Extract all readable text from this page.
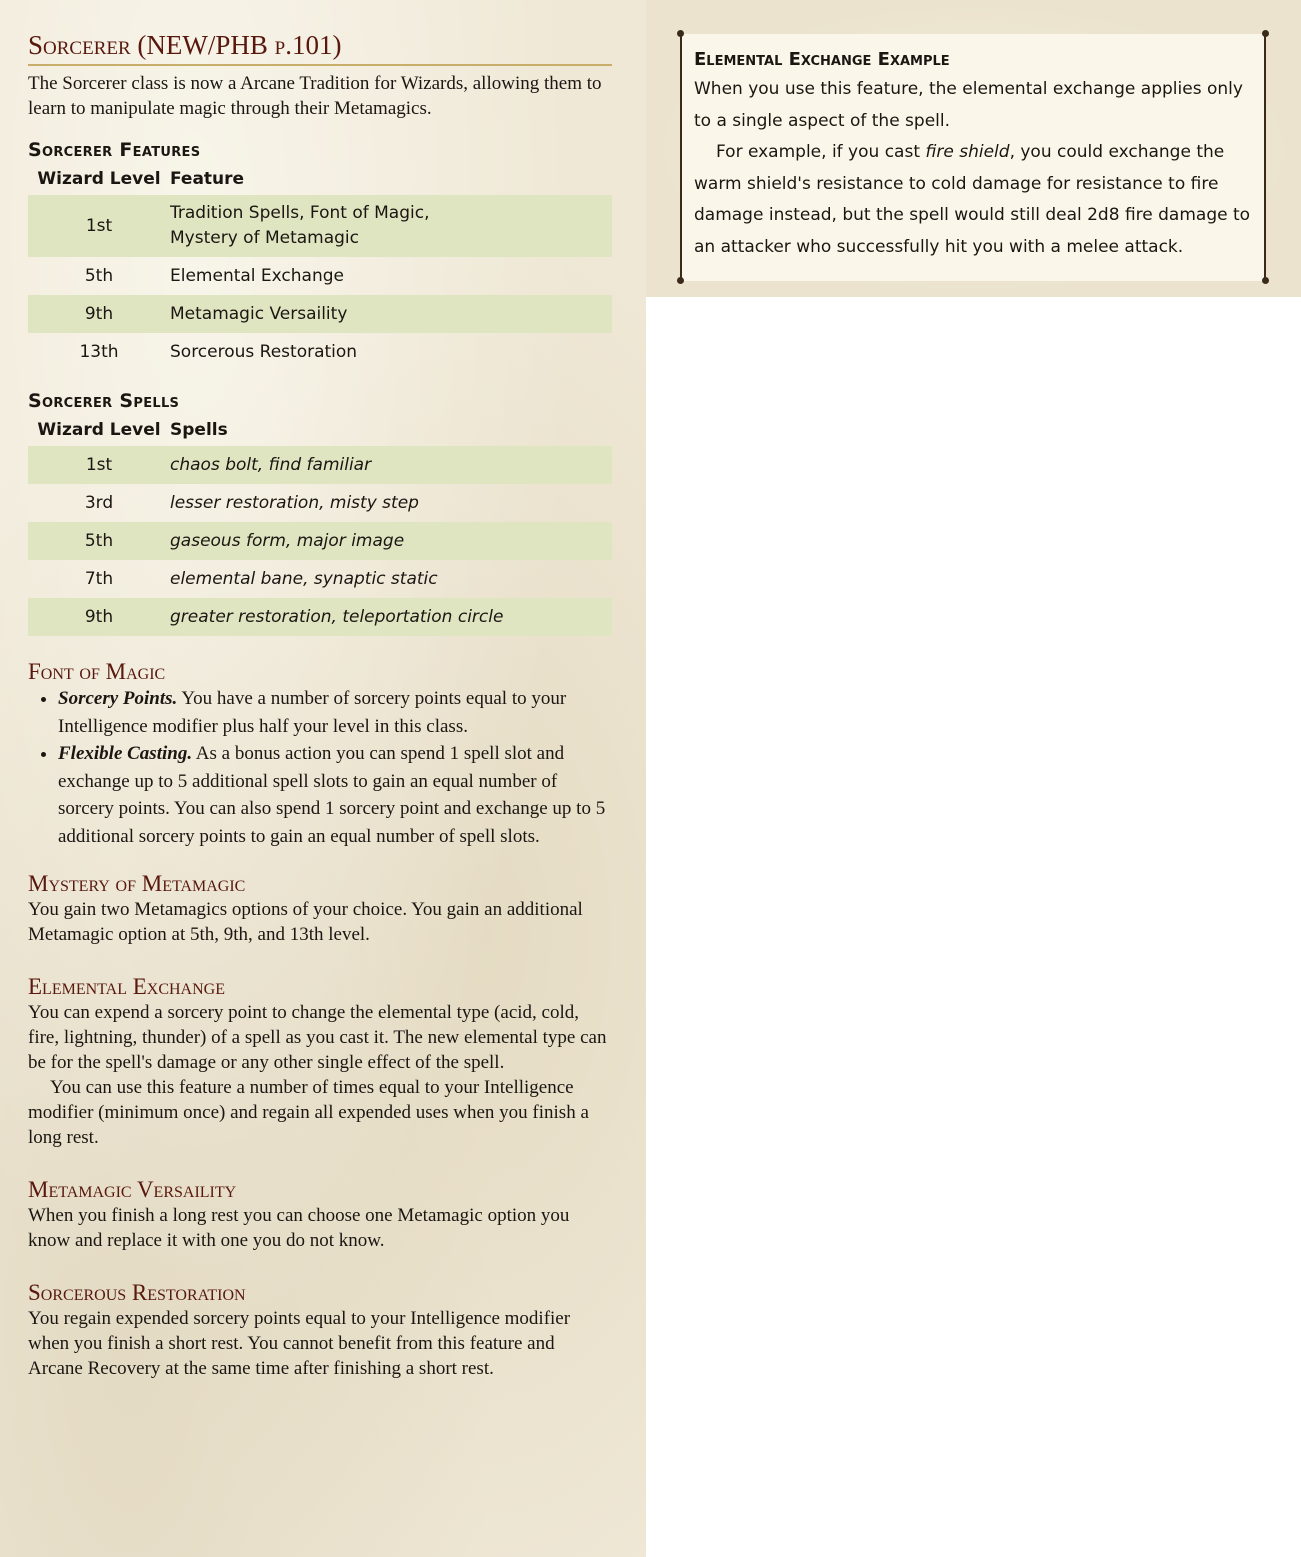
Sorcerer (NEW/PHB p.101)
The Sorcerer class is now a Arcane Tradition for Wizards, allowing them to learn to manipulate magic through their Metamagics.
Sorcerer Features
Wizard Level	Feature
1st	Tradition Spells, Font of Magic,
Mystery of Metamagic
5th	Elemental Exchange
9th	Metamagic Versaility
13th	Sorcerous Restoration
Sorcerer Spells
Wizard Level	Spells
1st	chaos bolt, find familiar
3rd	lesser restoration, misty step
5th	gaseous form, major image
7th	elemental bane, synaptic static
9th	greater restoration, teleportation circle
Font of Magic
• Sorcery Points. You have a number of sorcery points equal to your Intelligence modifier plus half your level in this class.
• Flexible Casting. As a bonus action you can spend 1 spell slot and exchange up to 5 additional spell slots to gain an equal number of sorcery points. You can also spend 1 sorcery point and exchange up to 5 additional sorcery points to gain an equal number of spell slots.
Mystery of Metamagic

You gain two Metamagics options of your choice. You gain an additional Metamagic option at 5th, 9th, and 13th level.

Elemental Exchange

You can expend a sorcery point to change the elemental type (acid, cold, fire, lightning, thunder) of a spell as you cast it. The new elemental type can be for the spell's damage or any other single effect of the spell.

You can use this feature a number of times equal to your Intelligence modifier (minimum once) and regain all expended uses when you finish a long rest.

Metamagic Versaility

When you finish a long rest you can choose one Metamagic option you know and replace it with one you do not know.

Sorcerous Restoration

You regain expended sorcery points equal to your Intelligence modifier when you finish a short rest. You cannot benefit from this feature and Arcane Recovery at the same time after finishing a short rest.

Elemental Exchange Example

When you use this feature, the elemental exchange applies only to a single aspect of the spell.

For example, if you cast fire shield, you could exchange the warm shield's resistance to cold damage for resistance to fire damage instead, but the spell would still deal 2d8 fire damage to an attacker who successfully hit you with a melee attack.
